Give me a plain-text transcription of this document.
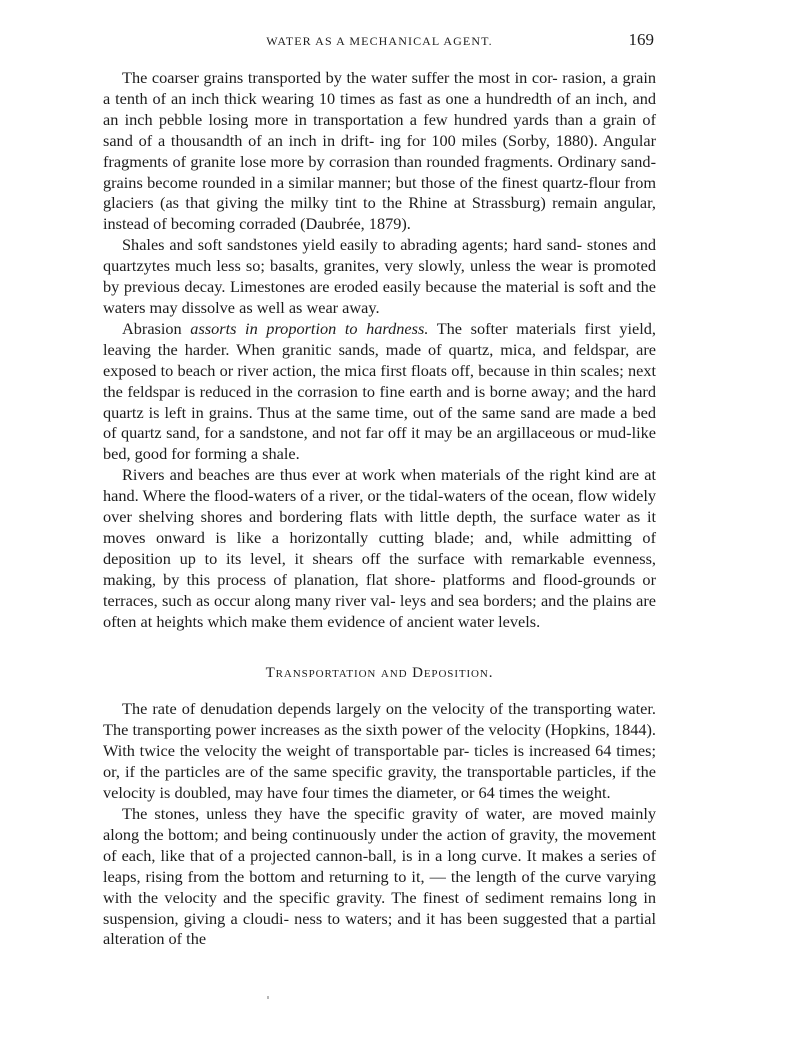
WATER AS A MECHANICAL AGENT.	169

The coarser grains transported by the water suffer the most in cor- rasion, a grain a tenth of an inch thick wearing 10 times as fast as one a hundredth of an inch, and an inch pebble losing more in transportation a few hundred yards than a grain of sand of a thousandth of an inch in drift- ing for 100 miles (Sorby, 1880). Angular fragments of granite lose more by corrasion than rounded fragments. Ordinary sand-grains become rounded in a similar manner; but those of the finest quartz-flour from glaciers (as that giving the milky tint to the Rhine at Strassburg) remain angular, instead of becoming corraded (Daubrée, 1879).

Shales and soft sandstones yield easily to abrading agents; hard sand- stones and quartzytes much less so; basalts, granites, very slowly, unless the wear is promoted by previous decay. Limestones are eroded easily because the material is soft and the waters may dissolve as well as wear away.

Abrasion assorts in proportion to hardness. The softer materials first yield, leaving the harder. When granitic sands, made of quartz, mica, and feldspar, are exposed to beach or river action, the mica first floats off, because in thin scales; next the feldspar is reduced in the corrasion to fine earth and is borne away; and the hard quartz is left in grains. Thus at the same time, out of the same sand are made a bed of quartz sand, for a sandstone, and not far off it may be an argillaceous or mud-like bed, good for forming a shale.

Rivers and beaches are thus ever at work when materials of the right kind are at hand. Where the flood-waters of a river, or the tidal-waters of the ocean, flow widely over shelving shores and bordering flats with little depth, the surface water as it moves onward is like a horizontally cutting blade; and, while admitting of deposition up to its level, it shears off the surface with remarkable evenness, making, by this process of planation, flat shore- platforms and flood-grounds or terraces, such as occur along many river val- leys and sea borders; and the plains are often at heights which make them evidence of ancient water levels.

Transportation and Deposition.

The rate of denudation depends largely on the velocity of the transporting water. The transporting power increases as the sixth power of the velocity (Hopkins, 1844). With twice the velocity the weight of transportable par- ticles is increased 64 times; or, if the particles are of the same specific gravity, the transportable particles, if the velocity is doubled, may have four times the diameter, or 64 times the weight.

The stones, unless they have the specific gravity of water, are moved mainly along the bottom; and being continuously under the action of gravity, the movement of each, like that of a projected cannon-ball, is in a long curve. It makes a series of leaps, rising from the bottom and returning to it, — the length of the curve varying with the velocity and the specific gravity. The finest of sediment remains long in suspension, giving a cloudi- ness to waters; and it has been suggested that a partial alteration of the
